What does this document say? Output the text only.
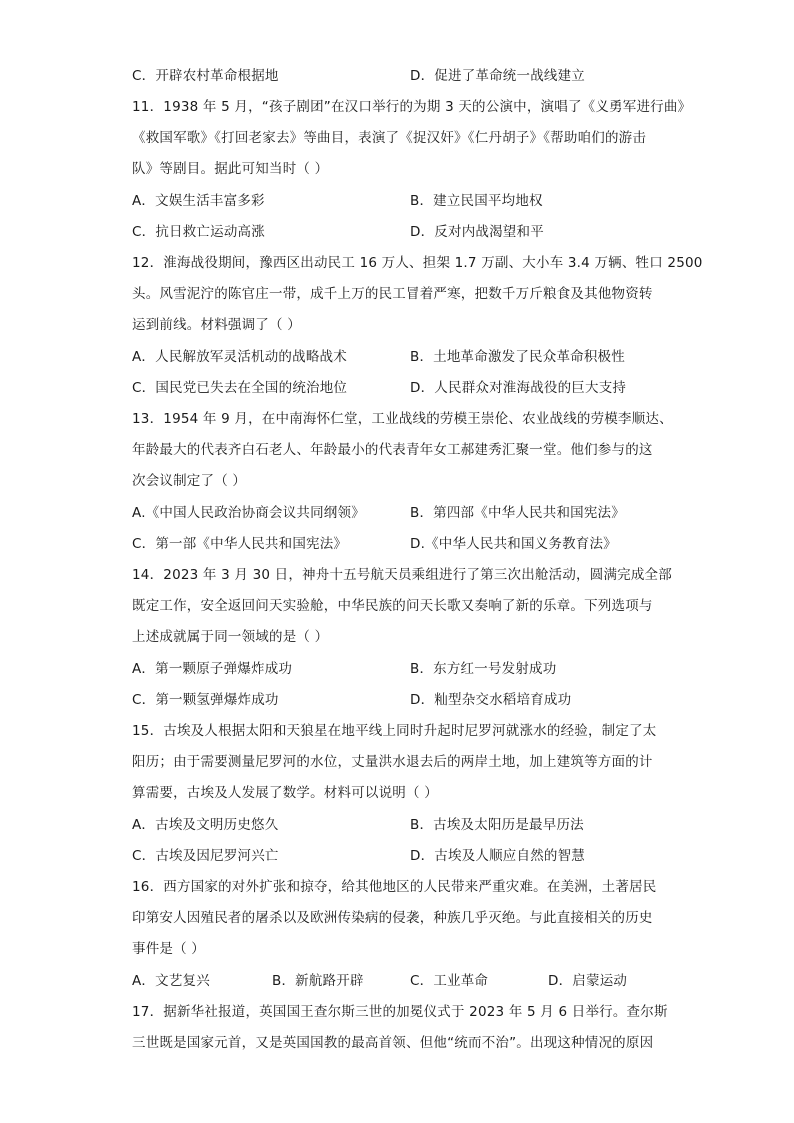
C．开辟农村革命根据地	D．促进了革命统一战线建立
11．1938 年 5 月，“孩子剧团”在汉口举行的为期 3 天的公演中，演唱了《义勇军进行曲》
《救国军歌》《打回老家去》等曲目，表演了《捉汉奸》《仁丹胡子》《帮助咱们的游击
队》等剧目。据此可知当时（ ）
A．文娱生活丰富多彩	B．建立民国平均地权
C．抗日救亡运动高涨	D．反对内战渴望和平
12．淮海战役期间，豫西区出动民工 16 万人、担架 1.7 万副、大小车 3.4 万辆、牲口 2500
头。风雪泥泞的陈官庄一带，成千上万的民工冒着严寒，把数千万斤粮食及其他物资转
运到前线。材料强调了（ ）
A．人民解放军灵活机动的战略战术	B．土地革命激发了民众革命积极性
C．国民党已失去在全国的统治地位	D．人民群众对淮海战役的巨大支持
13．1954 年 9 月，在中南海怀仁堂，工业战线的劳模王崇伦、农业战线的劳模李顺达、
年龄最大的代表齐白石老人、年龄最小的代表青年女工郝建秀汇聚一堂。他们参与的这
次会议制定了（ ）
A.《中国人民政治协商会议共同纲领》	B．第四部《中华人民共和国宪法》
C．第一部《中华人民共和国宪法》	D.《中华人民共和国义务教育法》
14．2023 年 3 月 30 日，神舟十五号航天员乘组进行了第三次出舱活动，圆满完成全部
既定工作，安全返回问天实验舱，中华民族的问天长歌又奏响了新的乐章。下列选项与
上述成就属于同一领域的是（ ）
A．第一颗原子弹爆炸成功	B．东方红一号发射成功
C．第一颗氢弹爆炸成功	D．籼型杂交水稻培育成功
15．古埃及人根据太阳和天狼星在地平线上同时升起时尼罗河就涨水的经验，制定了太
阳历；由于需要测量尼罗河的水位，丈量洪水退去后的两岸土地，加上建筑等方面的计
算需要，古埃及人发展了数学。材料可以说明（ ）
A．古埃及文明历史悠久	B．古埃及太阳历是最早历法
C．古埃及因尼罗河兴亡	D．古埃及人顺应自然的智慧
16．西方国家的对外扩张和掠夺，给其他地区的人民带来严重灾难。在美洲，土著居民
印第安人因殖民者的屠杀以及欧洲传染病的侵袭，种族几乎灭绝。与此直接相关的历史
事件是（ ）
A．文艺复兴	B．新航路开辟	C．工业革命	D．启蒙运动
17．据新华社报道，英国国王查尔斯三世的加冕仪式于 2023 年 5 月 6 日举行。查尔斯
三世既是国家元首，又是英国国教的最高首领、但他“统而不治”。出现这种情况的原因
